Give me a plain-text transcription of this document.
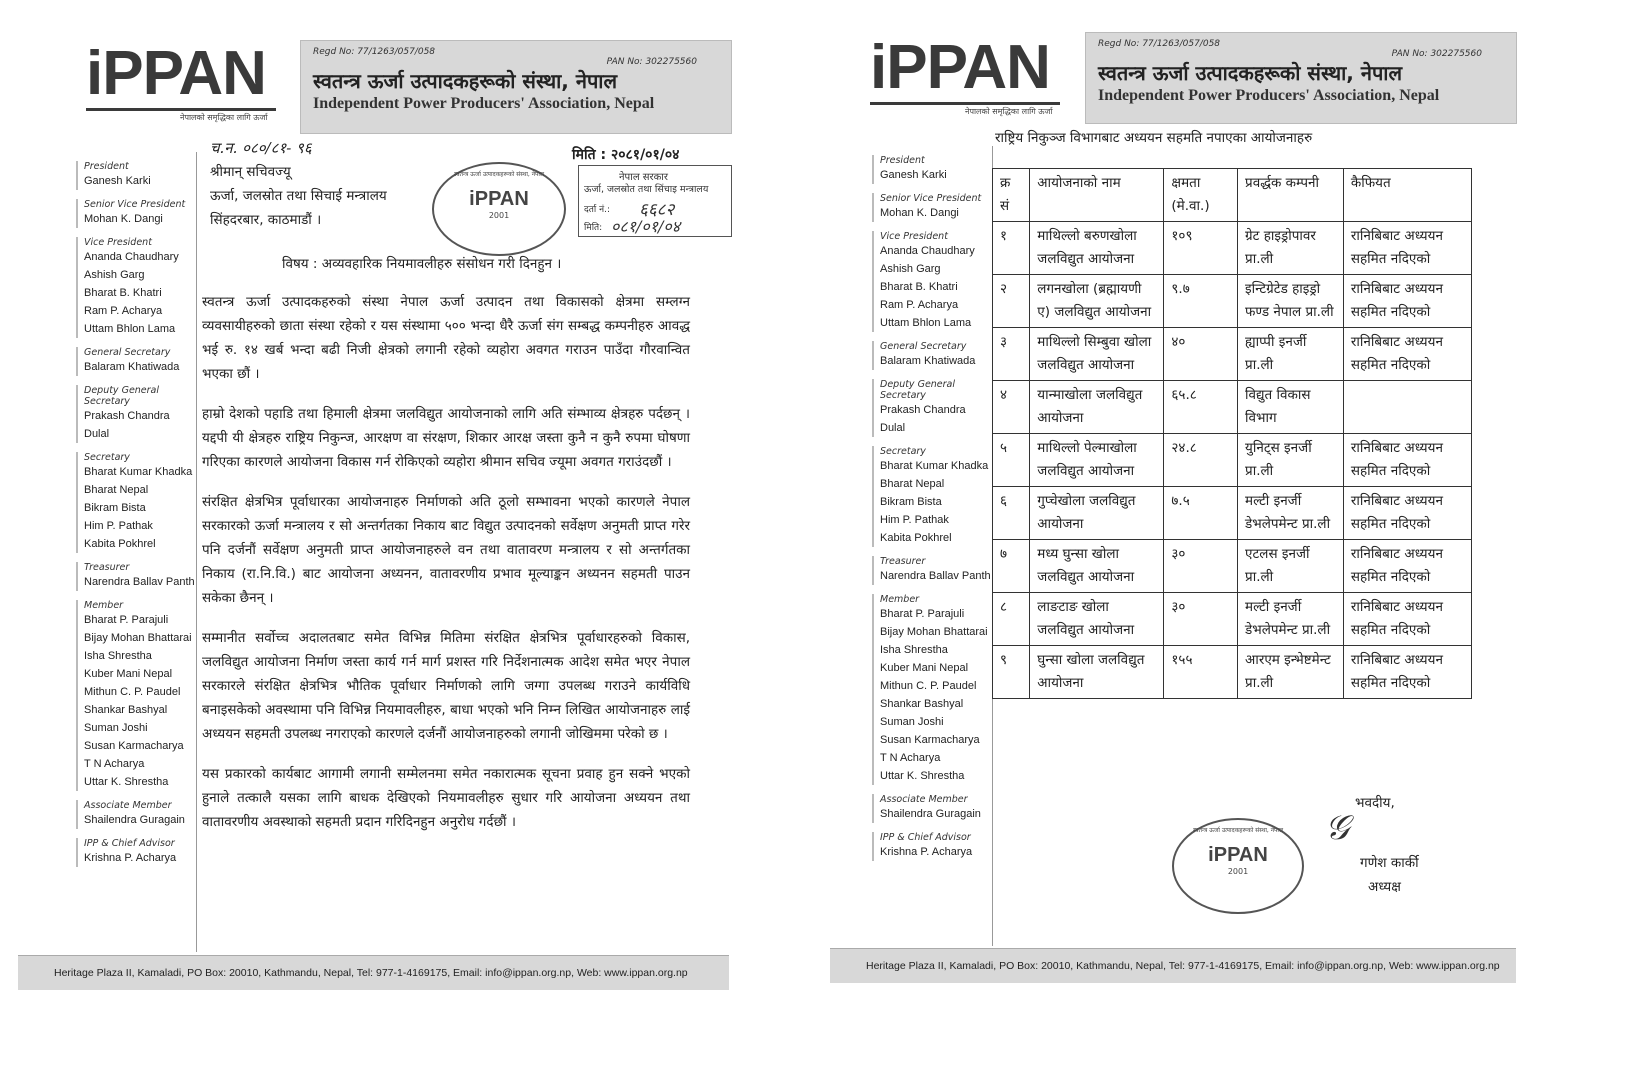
iPPAN
नेपालको समृद्धिका लागि ऊर्जा
Regd No: 77/1263/057/058
PAN No: 302275560
स्वतन्त्र ऊर्जा उत्पादकहरूको संस्था, नेपाल
Independent Power Producers' Association, Nepal
President
Ganesh Karki
Senior Vice President
Mohan K. Dangi
Vice President
Ananda Chaudhary
Ashish Garg
Bharat B. Khatri
Ram P. Acharya
Uttam Bhlon Lama
General Secretary
Balaram Khatiwada
Deputy General Secretary
Prakash Chandra Dulal
Secretary
Bharat Kumar Khadka
Bharat Nepal
Bikram Bista
Him P. Pathak
Kabita Pokhrel
Treasurer
Narendra Ballav Panth
Member
Bharat P. Parajuli
Bijay Mohan Bhattarai
Isha Shrestha
Kuber Mani Nepal
Mithun C. P. Paudel
Shankar Bashyal
Suman Joshi
Susan Karmacharya
T N Acharya
Uttar K. Shrestha
Associate Member
Shailendra Guragain
IPP & Chief Advisor
Krishna P. Acharya
च.न. ०८०/८१- ९६	मिति : २०८१/०१/०४
श्रीमान् सचिवज्यू
ऊर्जा, जलस्रोत तथा सिचाई मन्त्रालय
सिंहदरबार, काठमाडौं ।
स्वतन्त्र ऊर्जा उत्पादकहरूको संस्था, नेपाल
iPPAN
2001
नेपाल सरकार
ऊर्जा, जलस्रोत तथा सिंचाइ मन्त्रालय
दर्ता नं.: ६६८२
मिति: ०८१/०१/०४
विषय : अव्यवहारिक नियमावलीहरु संसोधन गरी दिनहुन ।

स्वतन्त्र ऊर्जा उत्पादकहरुको संस्था नेपाल ऊर्जा उत्पादन तथा विकासको क्षेत्रमा सम्लग्न व्यवसायीहरुको छाता संस्था रहेको र यस संस्थामा ५०० भन्दा धैरै ऊर्जा संग सम्बद्ध कम्पनीहरु आवद्ध भई रु. १४ खर्ब भन्दा बढी निजी क्षेत्रको लगानी रहेको व्यहोरा अवगत गराउन पाउँदा गौरवान्वित भएका छौं ।

हाम्रो देशको पहाडि तथा हिमाली क्षेत्रमा जलविद्युत आयोजनाको लागि अति संम्भाव्य क्षेत्रहरु पर्दछन् । यद्दपी यी क्षेत्रहरु राष्ट्रिय निकुन्ज, आरक्षण वा संरक्षण, शिकार आरक्ष जस्ता कुनै न कुनै रुपमा घोषणा गरिएका कारणले आयोजना विकास गर्न रोकिएको व्यहोरा श्रीमान सचिव ज्यूमा अवगत गराउंदछौं ।

संरक्षित क्षेत्रभित्र पूर्वाधारका आयोजनाहरु निर्माणको अति ठूलो सम्भावना भएको कारणले नेपाल सरकारको ऊर्जा मन्त्रालय र सो अन्तर्गतका निकाय बाट विद्युत उत्पादनको सर्वेक्षण अनुमती प्राप्त गरेर पनि दर्जनौं सर्वेक्षण अनुमती प्राप्त आयोजनाहरुले वन तथा वातावरण मन्त्रालय र सो अन्तर्गतका निकाय (रा.नि.वि.) बाट आयोजना अध्यनन, वातावरणीय प्रभाव मूल्याङ्कन अध्यनन सहमती पाउन सकेका छैनन् ।

सम्मानीत सर्वोच्च अदालतबाट समेत विभिन्न मितिमा संरक्षित क्षेत्रभित्र पूर्वाधारहरुको विकास, जलविद्युत आयोजना निर्माण जस्ता कार्य गर्न मार्ग प्रशस्त गरि निर्देशनात्मक आदेश समेत भएर नेपाल सरकारले संरक्षित क्षेत्रभित्र भौतिक पूर्वाधार निर्माणको लागि जग्गा उपलब्ध गराउने कार्यविधि बनाइसकेको अवस्थामा पनि विभिन्न नियमावलीहरु, बाधा भएको भनि निम्न लिखित आयोजनाहरु लाई अध्ययन सहमती उपलब्ध नगराएको कारणले दर्जनौं आयोजनाहरुको लगानी जोखिममा परेको छ ।

यस प्रकारको कार्यबाट आगामी लगानी सम्मेलनमा समेत नकारात्मक सूचना प्रवाह हुन सक्ने भएको हुनाले तत्कालै यसका लागि बाधक देखिएको नियमावलीहरु सुधार गरि आयोजना अध्ययन तथा वातावरणीय अवस्थाको सहमती प्रदान गरिदिनहुन अनुरोध गर्दछौं ।

Heritage Plaza II, Kamaladi, PO Box: 20010, Kathmandu, Nepal, Tel: 977-1-4169175, Email: info@ippan.org.np, Web: www.ippan.org.np
iPPAN
नेपालको समृद्धिका लागि ऊर्जा
Regd No: 77/1263/057/058
PAN No: 302275560
स्वतन्त्र ऊर्जा उत्पादकहरूको संस्था, नेपाल
Independent Power Producers' Association, Nepal
राष्ट्रिय निकुञ्ज विभागबाट अध्ययन सहमति नपाएका आयोजनाहरु
President
Ganesh Karki
Senior Vice President
Mohan K. Dangi
Vice President
Ananda Chaudhary
Ashish Garg
Bharat B. Khatri
Ram P. Acharya
Uttam Bhlon Lama
General Secretary
Balaram Khatiwada
Deputy General Secretary
Prakash Chandra Dulal
Secretary
Bharat Kumar Khadka
Bharat Nepal
Bikram Bista
Him P. Pathak
Kabita Pokhrel
Treasurer
Narendra Ballav Panth
Member
Bharat P. Parajuli
Bijay Mohan Bhattarai
Isha Shrestha
Kuber Mani Nepal
Mithun C. P. Paudel
Shankar Bashyal
Suman Joshi
Susan Karmacharya
T N Acharya
Uttar K. Shrestha
Associate Member
Shailendra Guragain
IPP & Chief Advisor
Krishna P. Acharya
क्र सं	आयोजनाको नाम	क्षमता (मे.वा.)	प्रवर्द्धक कम्पनी	कैफियत
१	माथिल्लो बरुणखोला जलविद्युत आयोजना	१०९	ग्रेट हाइड्रोपावर प्रा.ली	रानिबिबाट अध्ययन सहमित नदिएको
२	लगनखोला (ब्रह्मायणी ए) जलविद्युत आयोजना	९.७	इन्टिग्रेटेड हाइड्रो फण्ड नेपाल प्रा.ली	रानिबिबाट अध्ययन सहमित नदिएको
३	माथिल्लो सिम्बुवा खोला जलविद्युत आयोजना	४०	ह्याप्पी इनर्जी प्रा.ली	रानिबिबाट अध्ययन सहमित नदिएको
४	यान्माखोला जलविद्युत आयोजना	६५.८	विद्युत विकास विभाग	
५	माथिल्लो पेल्माखोला जलविद्युत आयोजना	२४.८	युनिट्स इनर्जी प्रा.ली	रानिबिबाट अध्ययन सहमित नदिएको
६	गुप्चेखोला जलविद्युत आयोजना	७.५	मल्टी इनर्जी डेभलेपमेन्ट प्रा.ली	रानिबिबाट अध्ययन सहमित नदिएको
७	मध्य घुन्सा खोला जलविद्युत आयोजना	३०	एटलस इनर्जी प्रा.ली	रानिबिबाट अध्ययन सहमित नदिएको
८	लाङटाङ खोला जलविद्युत आयोजना	३०	मल्टी इनर्जी डेभलेपमेन्ट प्रा.ली	रानिबिबाट अध्ययन सहमित नदिएको
९	घुन्सा खोला जलविद्युत आयोजना	१५५	आरएम इन्भेष्टमेन्ट प्रा.ली	रानिबिबाट अध्ययन सहमित नदिएको
भवदीय,
𝒢
गणेश कार्की
अध्यक्ष
स्वतन्त्र ऊर्जा उत्पादकहरूको संस्था, नेपाल
iPPAN
2001
Heritage Plaza II, Kamaladi, PO Box: 20010, Kathmandu, Nepal, Tel: 977-1-4169175, Email: info@ippan.org.np, Web: www.ippan.org.np
